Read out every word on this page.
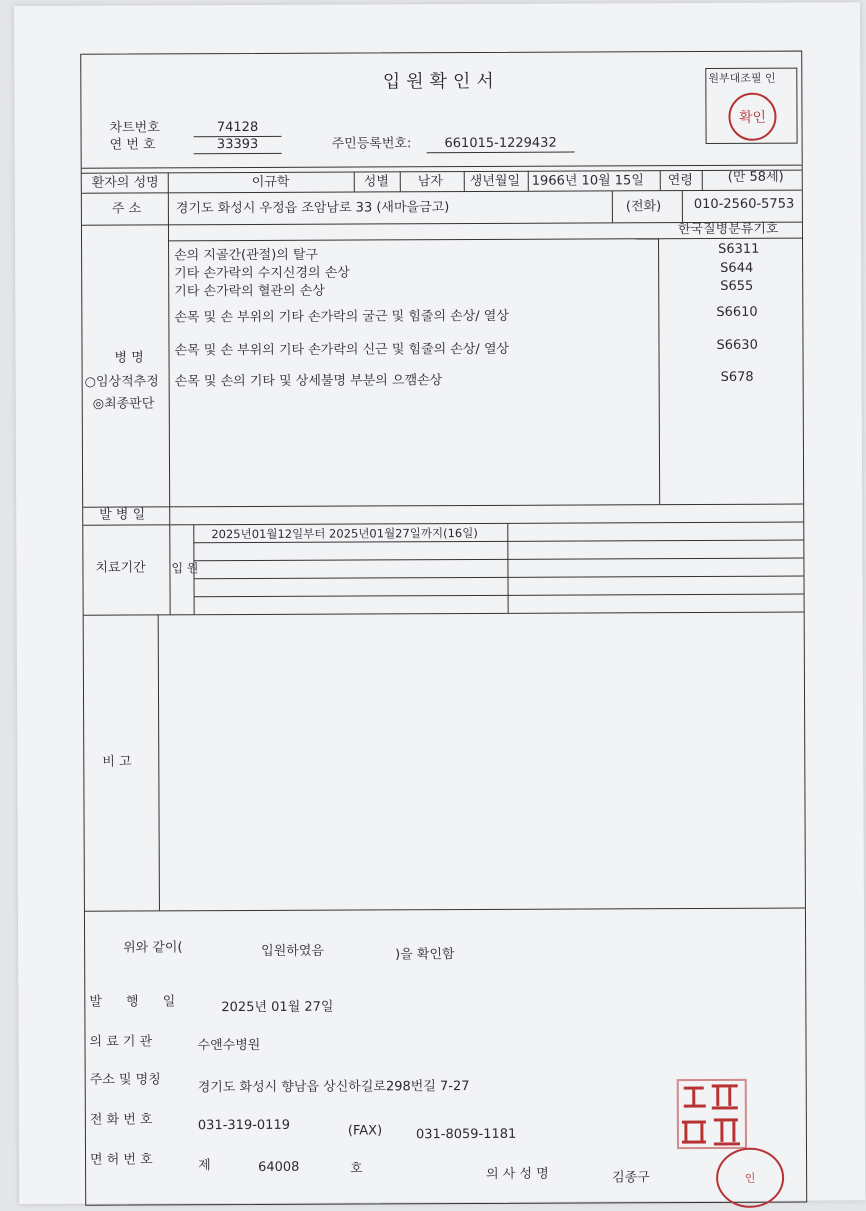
입원확인서	원부대조필 인
확인
차트번호	74128
연 번 호	33393	주민등록번호:	661015-1229432
환자의 성명	이규학	성별 남자 생년월일 1966년 10월 15일 연령	(만 58세)
주 소	경기도 화성시 우정읍 조암남로 33 (새마을금고)	(전화)	010-2560-5753
한국질병분류기호
병 명
○임상적추정
◎최종판단
손의 지골간(관절)의 탈구	S6311
기타 손가락의 수지신경의 손상	S644
기타 손가락의 혈관의 손상	S655
손목 및 손 부위의 기타 손가락의 굴근 및 힘줄의 손상/ 열상	S6610
손목 및 손 부위의 기타 손가락의 신근 및 힘줄의 손상/ 열상	S6630
손목 및 손의 기타 및 상세불명 부분의 으깸손상	S678
발 병 일
치료기간 입 원
2025년01월12일부터 2025년01월27일까지(16일)
비 고
위와 같이(	입원하였음	)을 확인함
발 행 일	2025년 01월 27일
의 료 기 관	수앤수병원
주소 및 명칭	경기도 화성시 향남읍 상신하길로298번길 7-27
전 화 번 호	031-319-0119	(FAX)	031-8059-1181
면 허 번 호	제	64008	호	의 사 성 명	김종구	인
